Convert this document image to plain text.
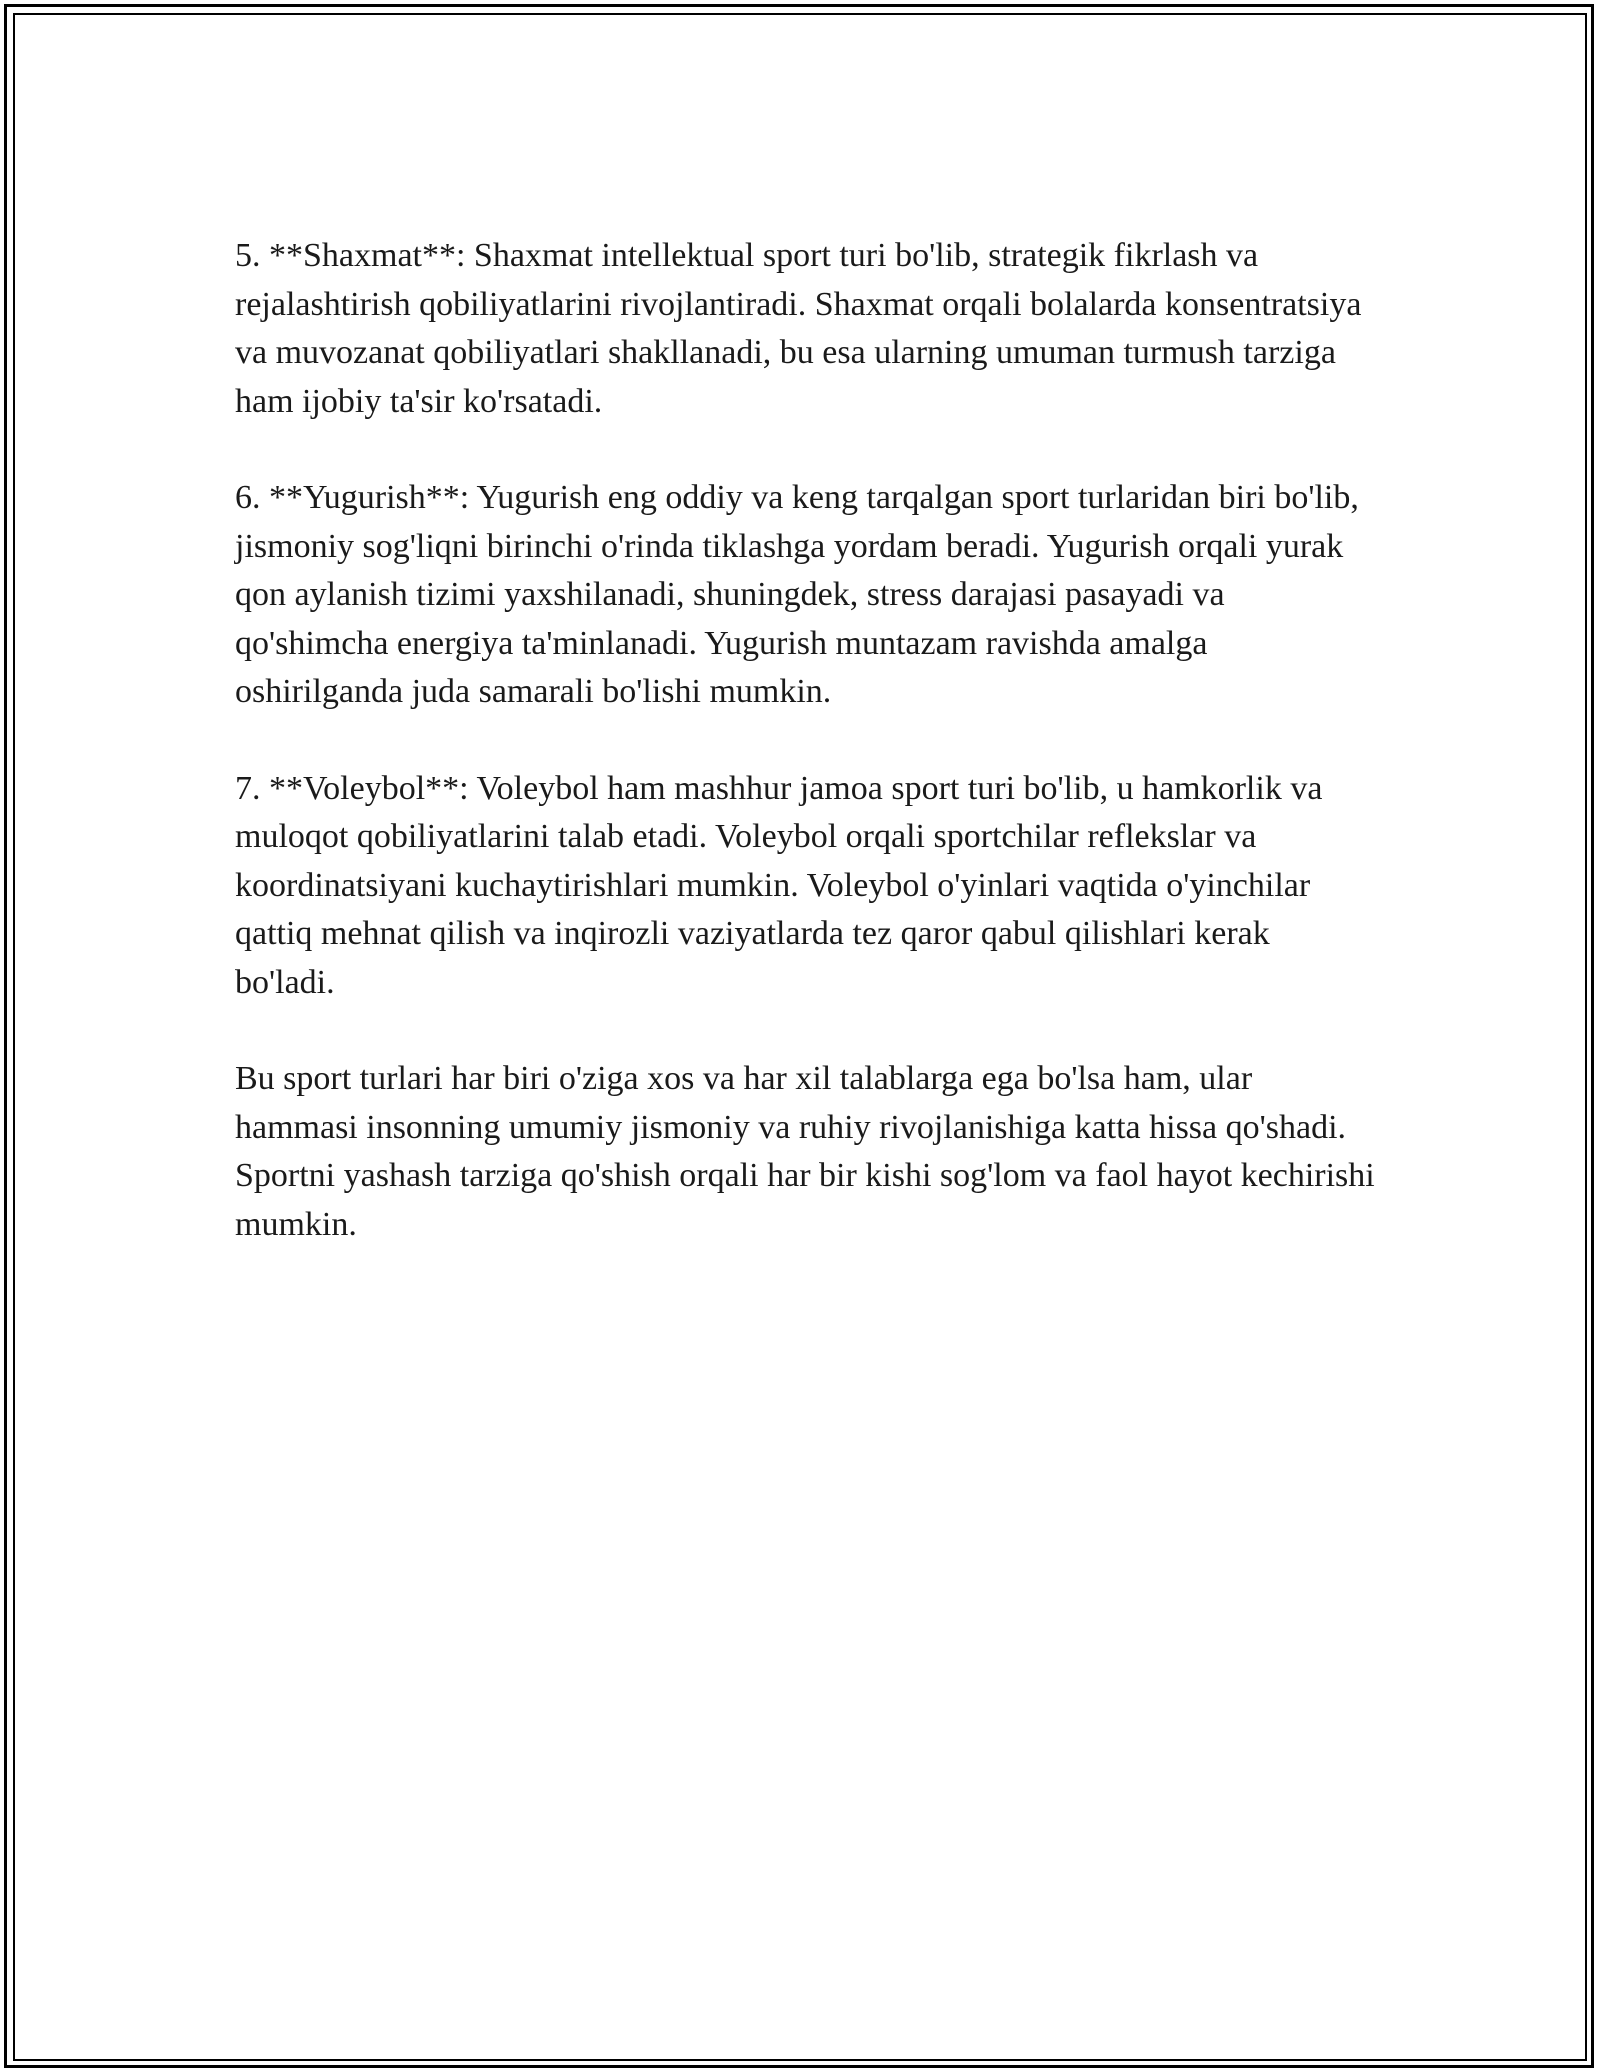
5. **Shaxmat**: Shaxmat intellektual sport turi bo'lib, strategik fikrlash va rejalashtirish qobiliyatlarini rivojlantiradi. Shaxmat orqali bolalarda konsentratsiya va muvozanat qobiliyatlari shakllanadi, bu esa ularning umuman turmush tarziga ham ijobiy ta'sir ko'rsatadi.

6. **Yugurish**: Yugurish eng oddiy va keng tarqalgan sport turlaridan biri bo'lib, jismoniy sog'liqni birinchi o'rinda tiklashga yordam beradi. Yugurish orqali yurak qon aylanish tizimi yaxshilanadi, shuningdek, stress darajasi pasayadi va qo'shimcha energiya ta'minlanadi. Yugurish muntazam ravishda amalga oshirilganda juda samarali bo'lishi mumkin.

7. **Voleybol**: Voleybol ham mashhur jamoa sport turi bo'lib, u hamkorlik va muloqot qobiliyatlarini talab etadi. Voleybol orqali sportchilar reflekslar va koordinatsiyani kuchaytirishlari mumkin. Voleybol o'yinlari vaqtida o'yinchilar qattiq mehnat qilish va inqirozli vaziyatlarda tez qaror qabul qilishlari kerak bo'ladi.

Bu sport turlari har biri o'ziga xos va har xil talablarga ega bo'lsa ham, ular hammasi insonning umumiy jismoniy va ruhiy rivojlanishiga katta hissa qo'shadi. Sportni yashash tarziga qo'shish orqali har bir kishi sog'lom va faol hayot kechirishi mumkin.
